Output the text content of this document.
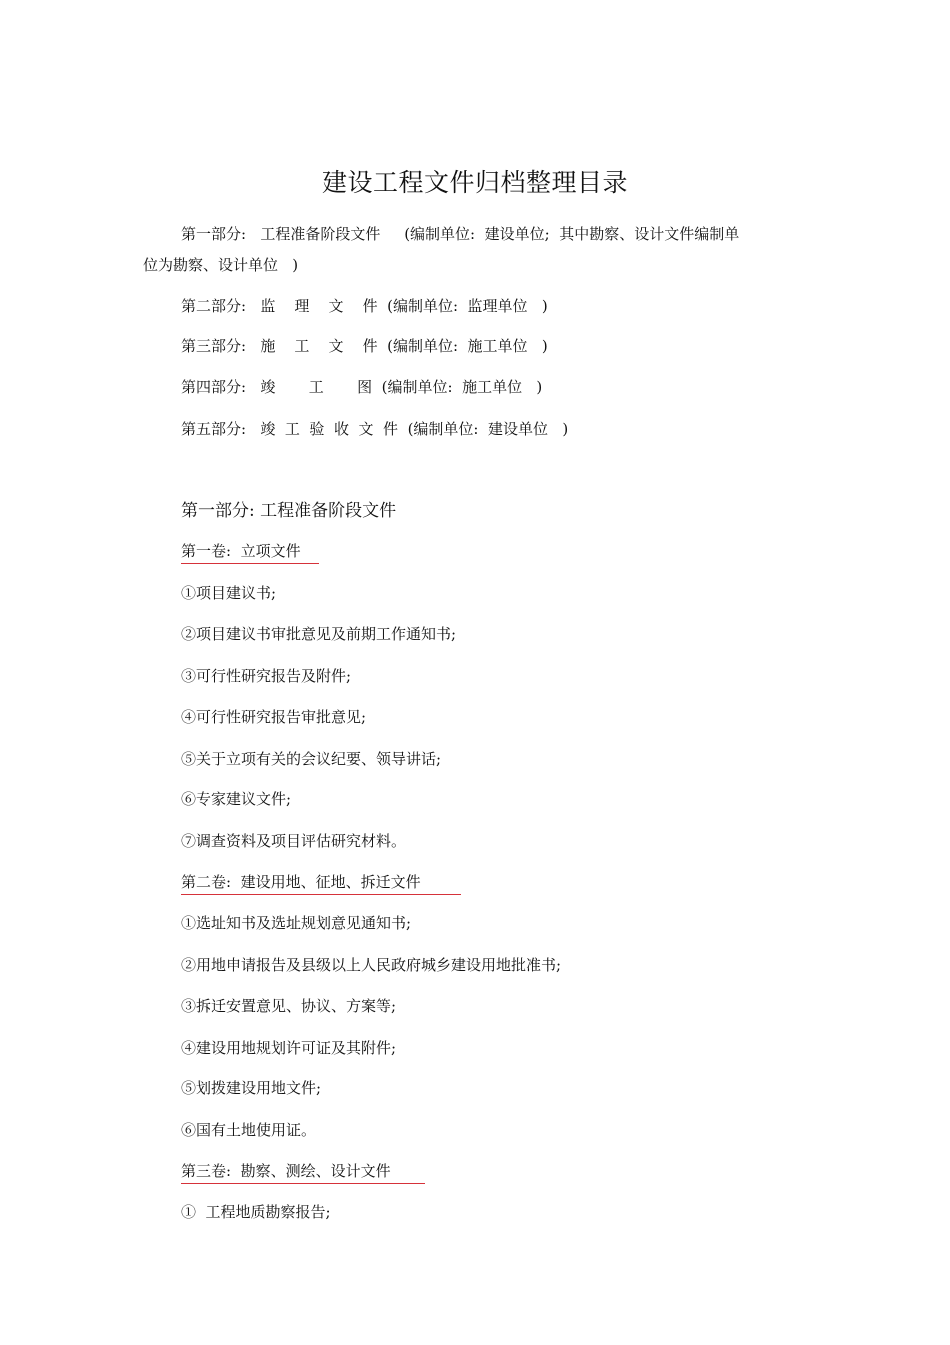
建设工程文件归档整理目录
第一部分:   工程准备阶段文件     (编制单位:  建设单位;  其中勘察、设计文件编制单
位为勘察、设计单位   )
第二部分:   监    理    文    件  (编制单位:  监理单位   )
第三部分:   施    工    文    件  (编制单位:  施工单位   )
第四部分:   竣       工       图  (编制单位:  施工单位   )
第五部分:   竣  工  验  收  文  件  (编制单位:  建设单位   )
第一部分: 工程准备阶段文件
第一卷:  立项文件
①项目建议书;
②项目建议书审批意见及前期工作通知书;
③可行性研究报告及附件;
④可行性研究报告审批意见;
⑤关于立项有关的会议纪要、领导讲话;
⑥专家建议文件;
⑦调查资料及项目评估研究材料。
第二卷:  建设用地、征地、拆迁文件
①选址知书及选址规划意见通知书;
②用地申请报告及县级以上人民政府城乡建设用地批准书;
③拆迁安置意见、协议、方案等;
④建设用地规划许可证及其附件;
⑤划拨建设用地文件;
⑥国有土地使用证。
第三卷:  勘察、测绘、设计文件
①  工程地质勘察报告;
